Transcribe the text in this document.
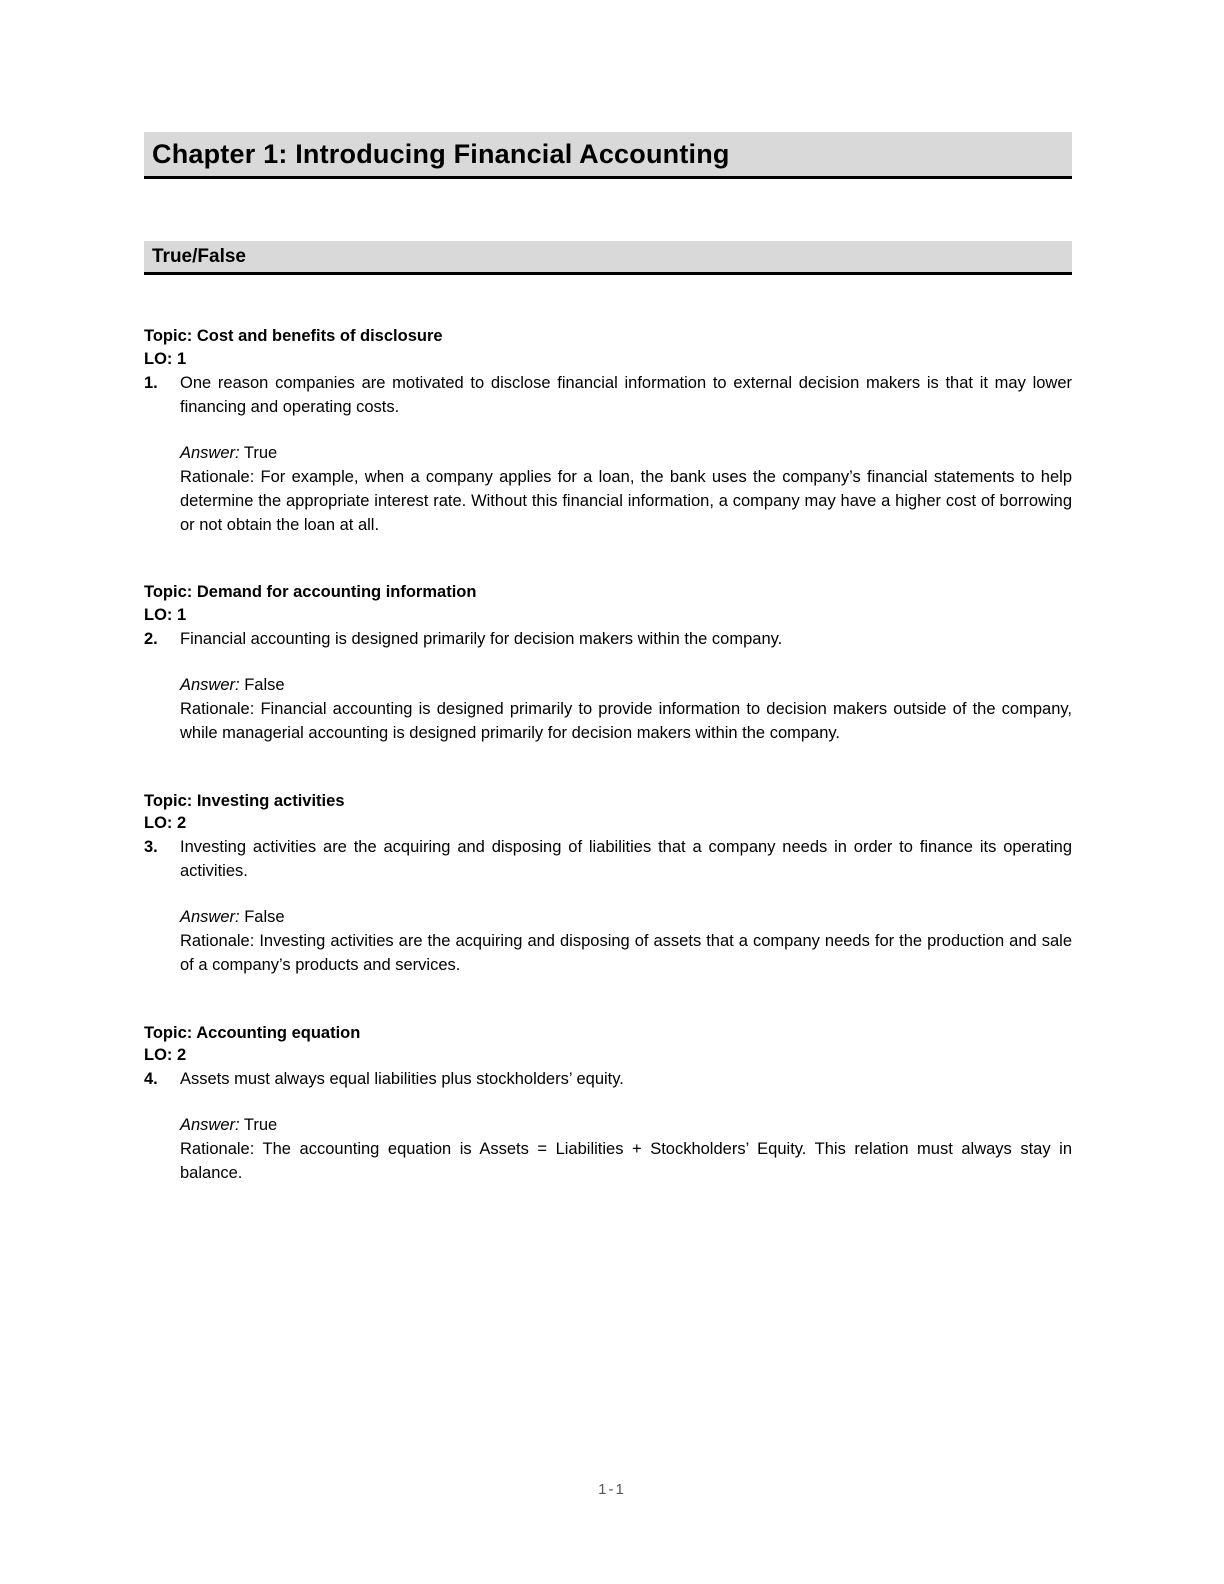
Chapter 1: Introducing Financial Accounting
True/False
Topic: Cost and benefits of disclosure
LO: 1
1.	One reason companies are motivated to disclose financial information to external decision makers is that it may lower financing and operating costs.
Answer: True
Rationale: For example, when a company applies for a loan, the bank uses the company’s financial statements to help determine the appropriate interest rate. Without this financial information, a company may have a higher cost of borrowing or not obtain the loan at all.
Topic: Demand for accounting information
LO: 1
2.	Financial accounting is designed primarily for decision makers within the company.
Answer: False
Rationale: Financial accounting is designed primarily to provide information to decision makers outside of the company, while managerial accounting is designed primarily for decision makers within the company.
Topic: Investing activities
LO: 2
3.	Investing activities are the acquiring and disposing of liabilities that a company needs in order to finance its operating activities.
Answer: False
Rationale: Investing activities are the acquiring and disposing of assets that a company needs for the production and sale of a company’s products and services.
Topic: Accounting equation
LO: 2
4.	Assets must always equal liabilities plus stockholders’ equity.
Answer: True
Rationale: The accounting equation is Assets = Liabilities + Stockholders’ Equity. This relation must always stay in balance.
1-1
